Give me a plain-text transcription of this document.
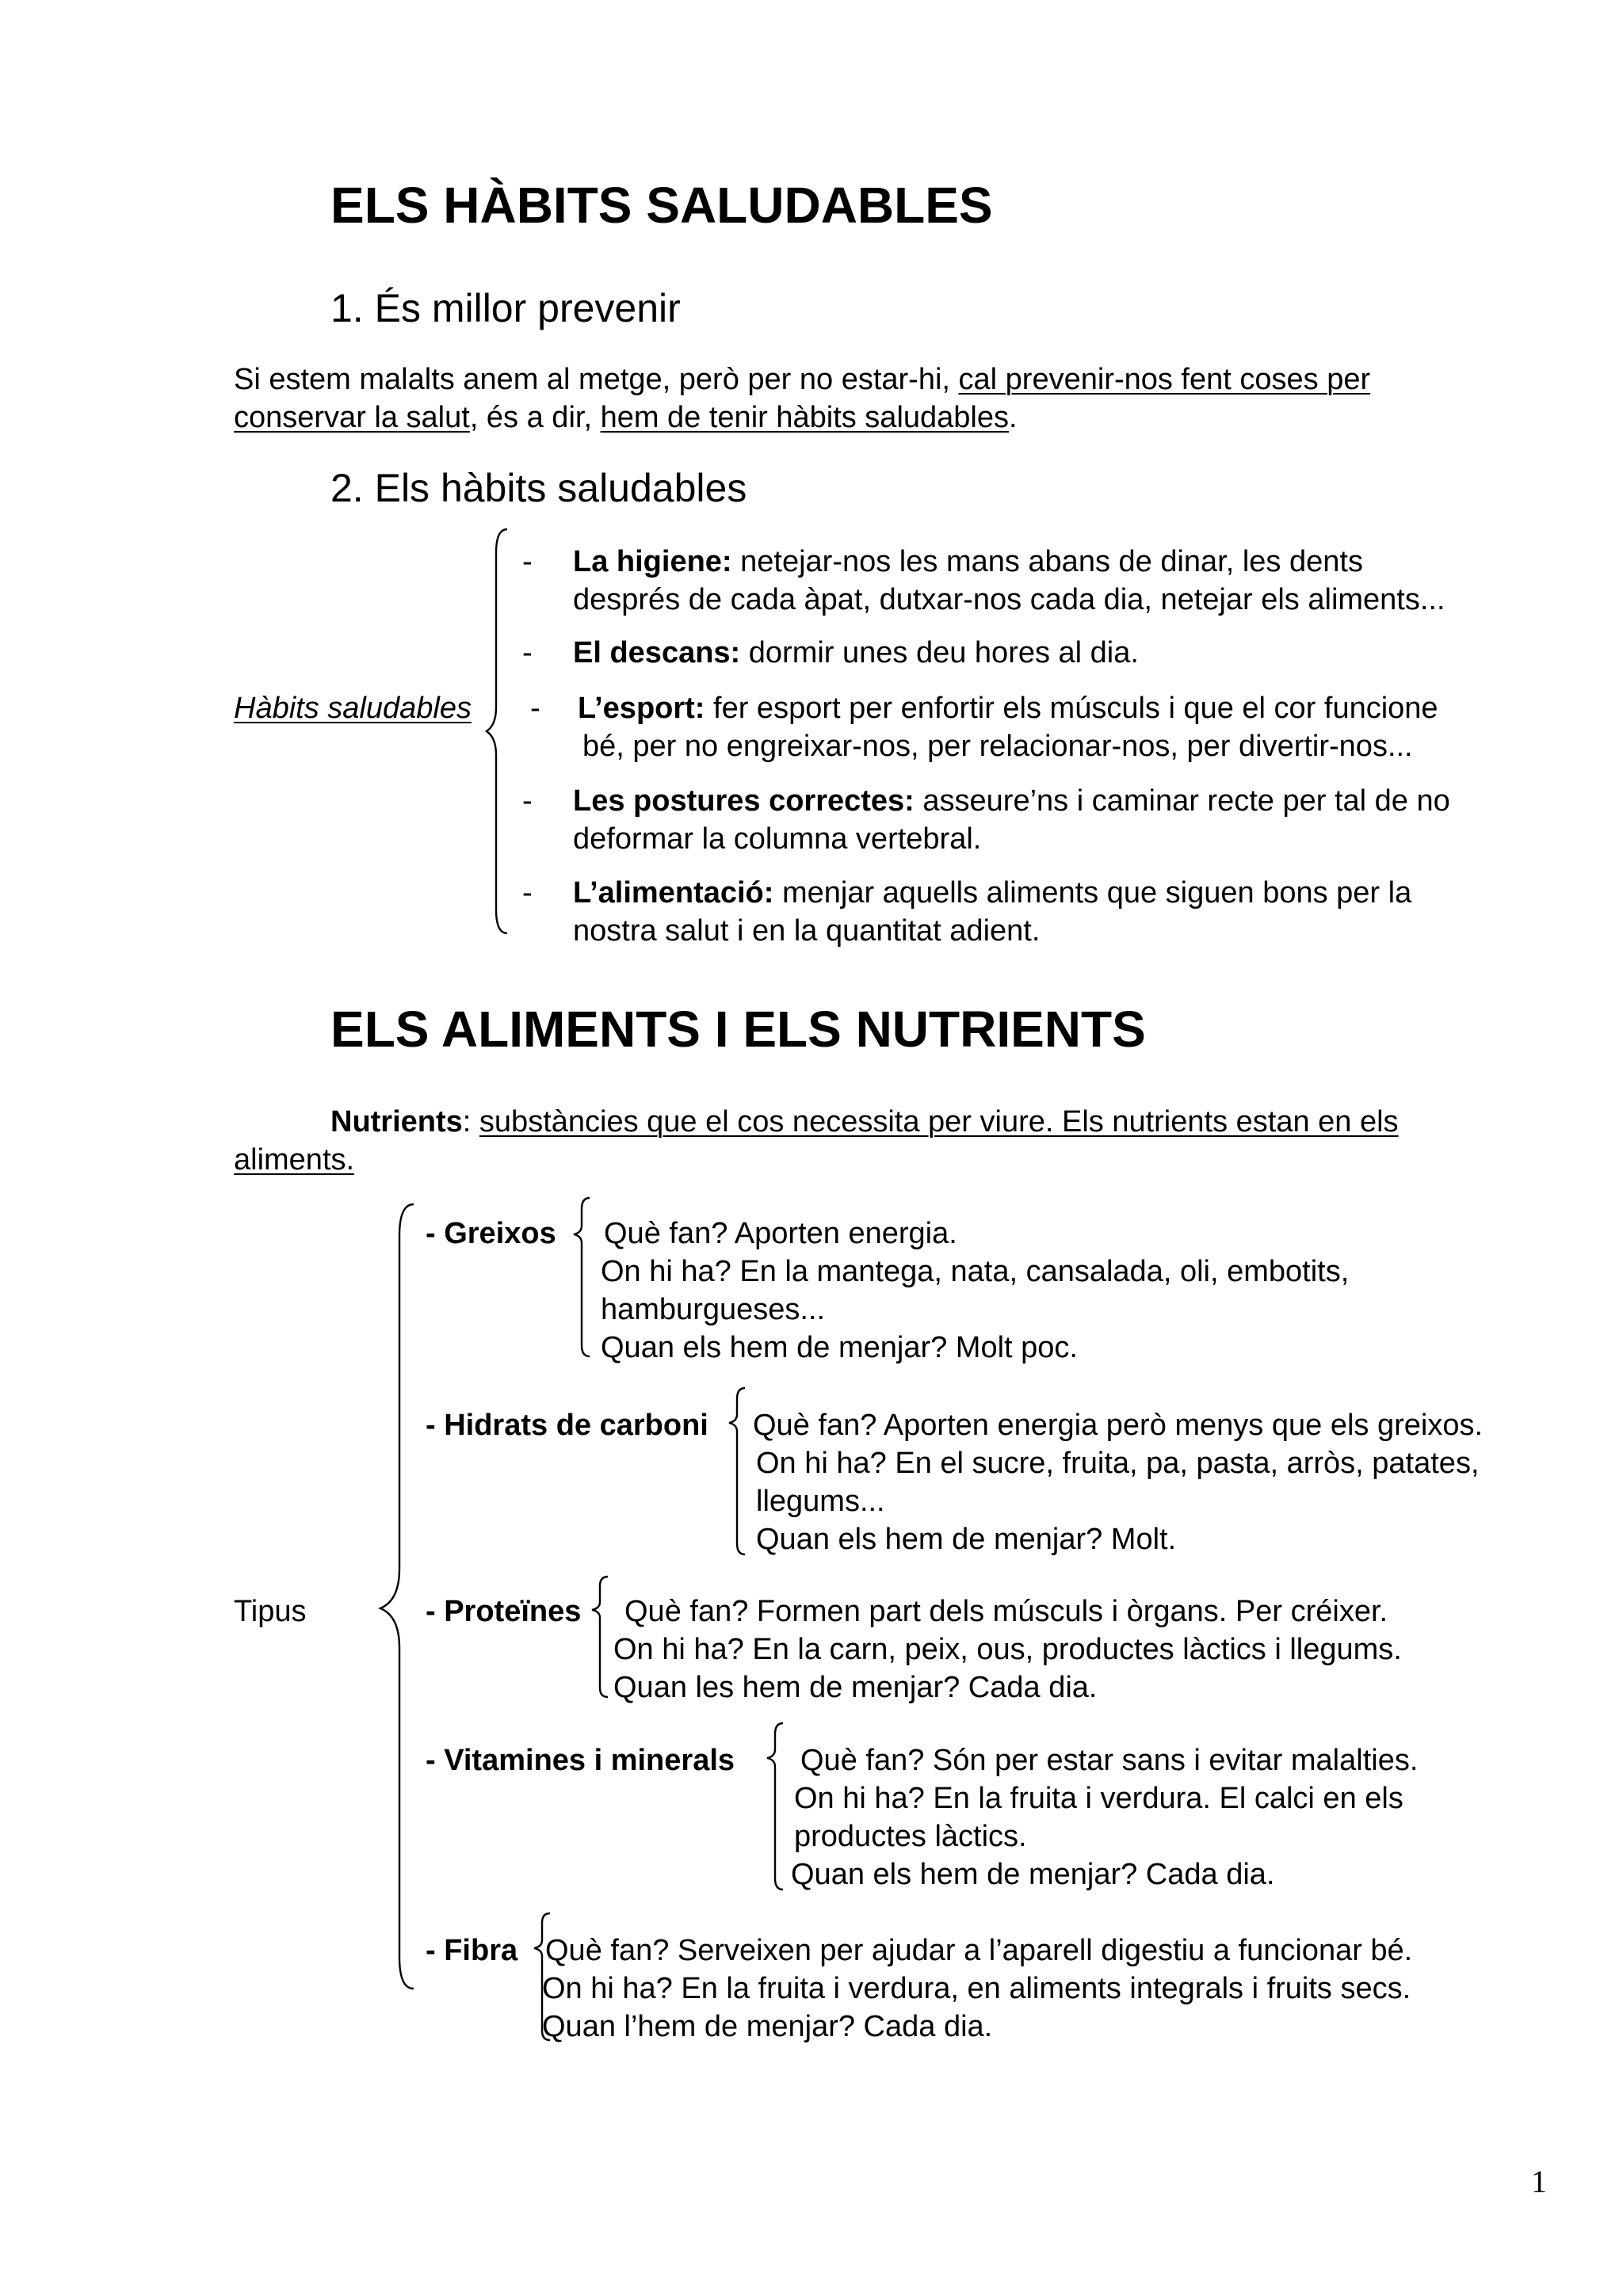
ELS HÀBITS SALUDABLES
1. És millor prevenir
Si estem malalts anem al metge, però per no estar-hi, cal prevenir-nos fent coses per
conservar la salut, és a dir, hem de tenir hàbits saludables.
2. Els hàbits saludables
Hàbits saludables
- La higiene: netejar-nos les mans abans de dinar, les dents
després de cada àpat, dutxar-nos cada dia, netejar els aliments...
- El descans: dormir unes deu hores al dia.
- L’esport: fer esport per enfortir els músculs i que el cor funcione
bé, per no engreixar-nos, per relacionar-nos, per divertir-nos...
- Les postures correctes: asseure’ns i caminar recte per tal de no
deformar la columna vertebral.
- L’alimentació: menjar aquells aliments que siguen bons per la
nostra salut i en la quantitat adient.
ELS ALIMENTS I ELS NUTRIENTS
Nutrients: substàncies que el cos necessita per viure. Els nutrients estan en els
aliments.
Tipus
- Greixos Què fan? Aporten energia.
On hi ha? En la mantega, nata, cansalada, oli, embotits,
hamburgueses...
Quan els hem de menjar? Molt poc.
- Hidrats de carboni Què fan? Aporten energia però menys que els greixos.
On hi ha? En el sucre, fruita, pa, pasta, arròs, patates,
llegums...
Quan els hem de menjar? Molt.
- Proteïnes Què fan? Formen part dels músculs i òrgans. Per créixer.
On hi ha? En la carn, peix, ous, productes làctics i llegums.
Quan les hem de menjar? Cada dia.
- Vitamines i minerals Què fan? Són per estar sans i evitar malalties.
On hi ha? En la fruita i verdura. El calci en els
productes làctics.
Quan els hem de menjar? Cada dia.
- Fibra Què fan? Serveixen per ajudar a l’aparell digestiu a funcionar bé.
On hi ha? En la fruita i verdura, en aliments integrals i fruits secs.
Quan l’hem de menjar? Cada dia.
1
